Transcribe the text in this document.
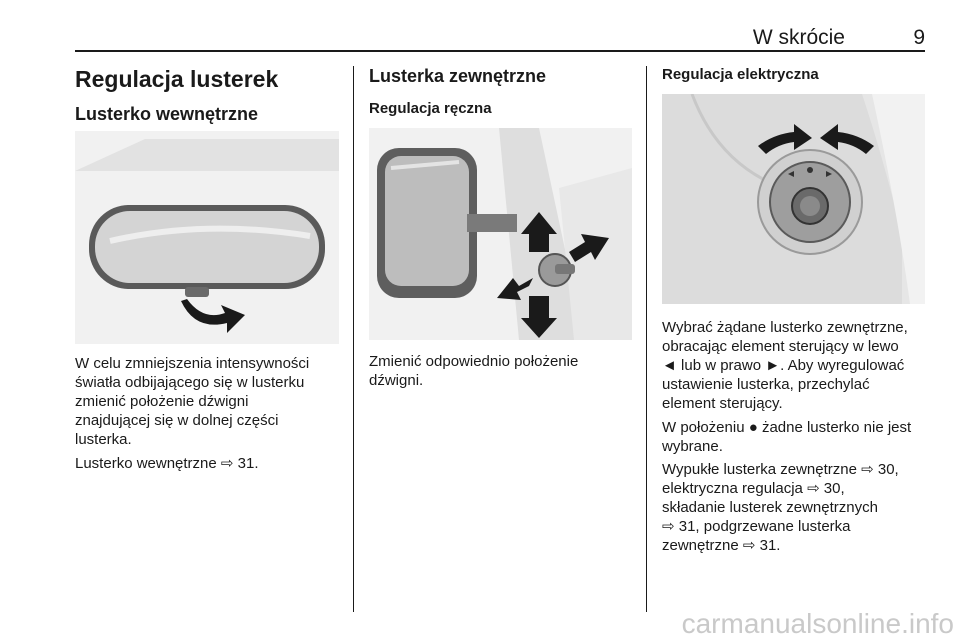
W skrócie	9
Regulacja lusterek
Lusterko wewnętrzne
W celu zmniejszenia intensywności
światła odbijającego się w lusterku
zmienić położenie dźwigni
znajdującej się w dolnej części
lusterka.
Lusterko wewnętrzne ⇨ 31.
Lusterka zewnętrzne
Regulacja ręczna
Zmienić odpowiednio położenie
dźwigni.
Regulacja elektryczna
Wybrać żądane lusterko zewnętrzne,
obracając element sterujący w lewo
◄ lub w prawo ►. Aby wyregulować
ustawienie lusterka, przechylać
element sterujący.
W położeniu ● żadne lusterko nie jest
wybrane.
Wypukłe lusterka zewnętrzne ⇨ 30,
elektryczna regulacja ⇨ 30,
składanie lusterek zewnętrznych
⇨ 31, podgrzewane lusterka
zewnętrzne ⇨ 31.
carmanualsonline.info
